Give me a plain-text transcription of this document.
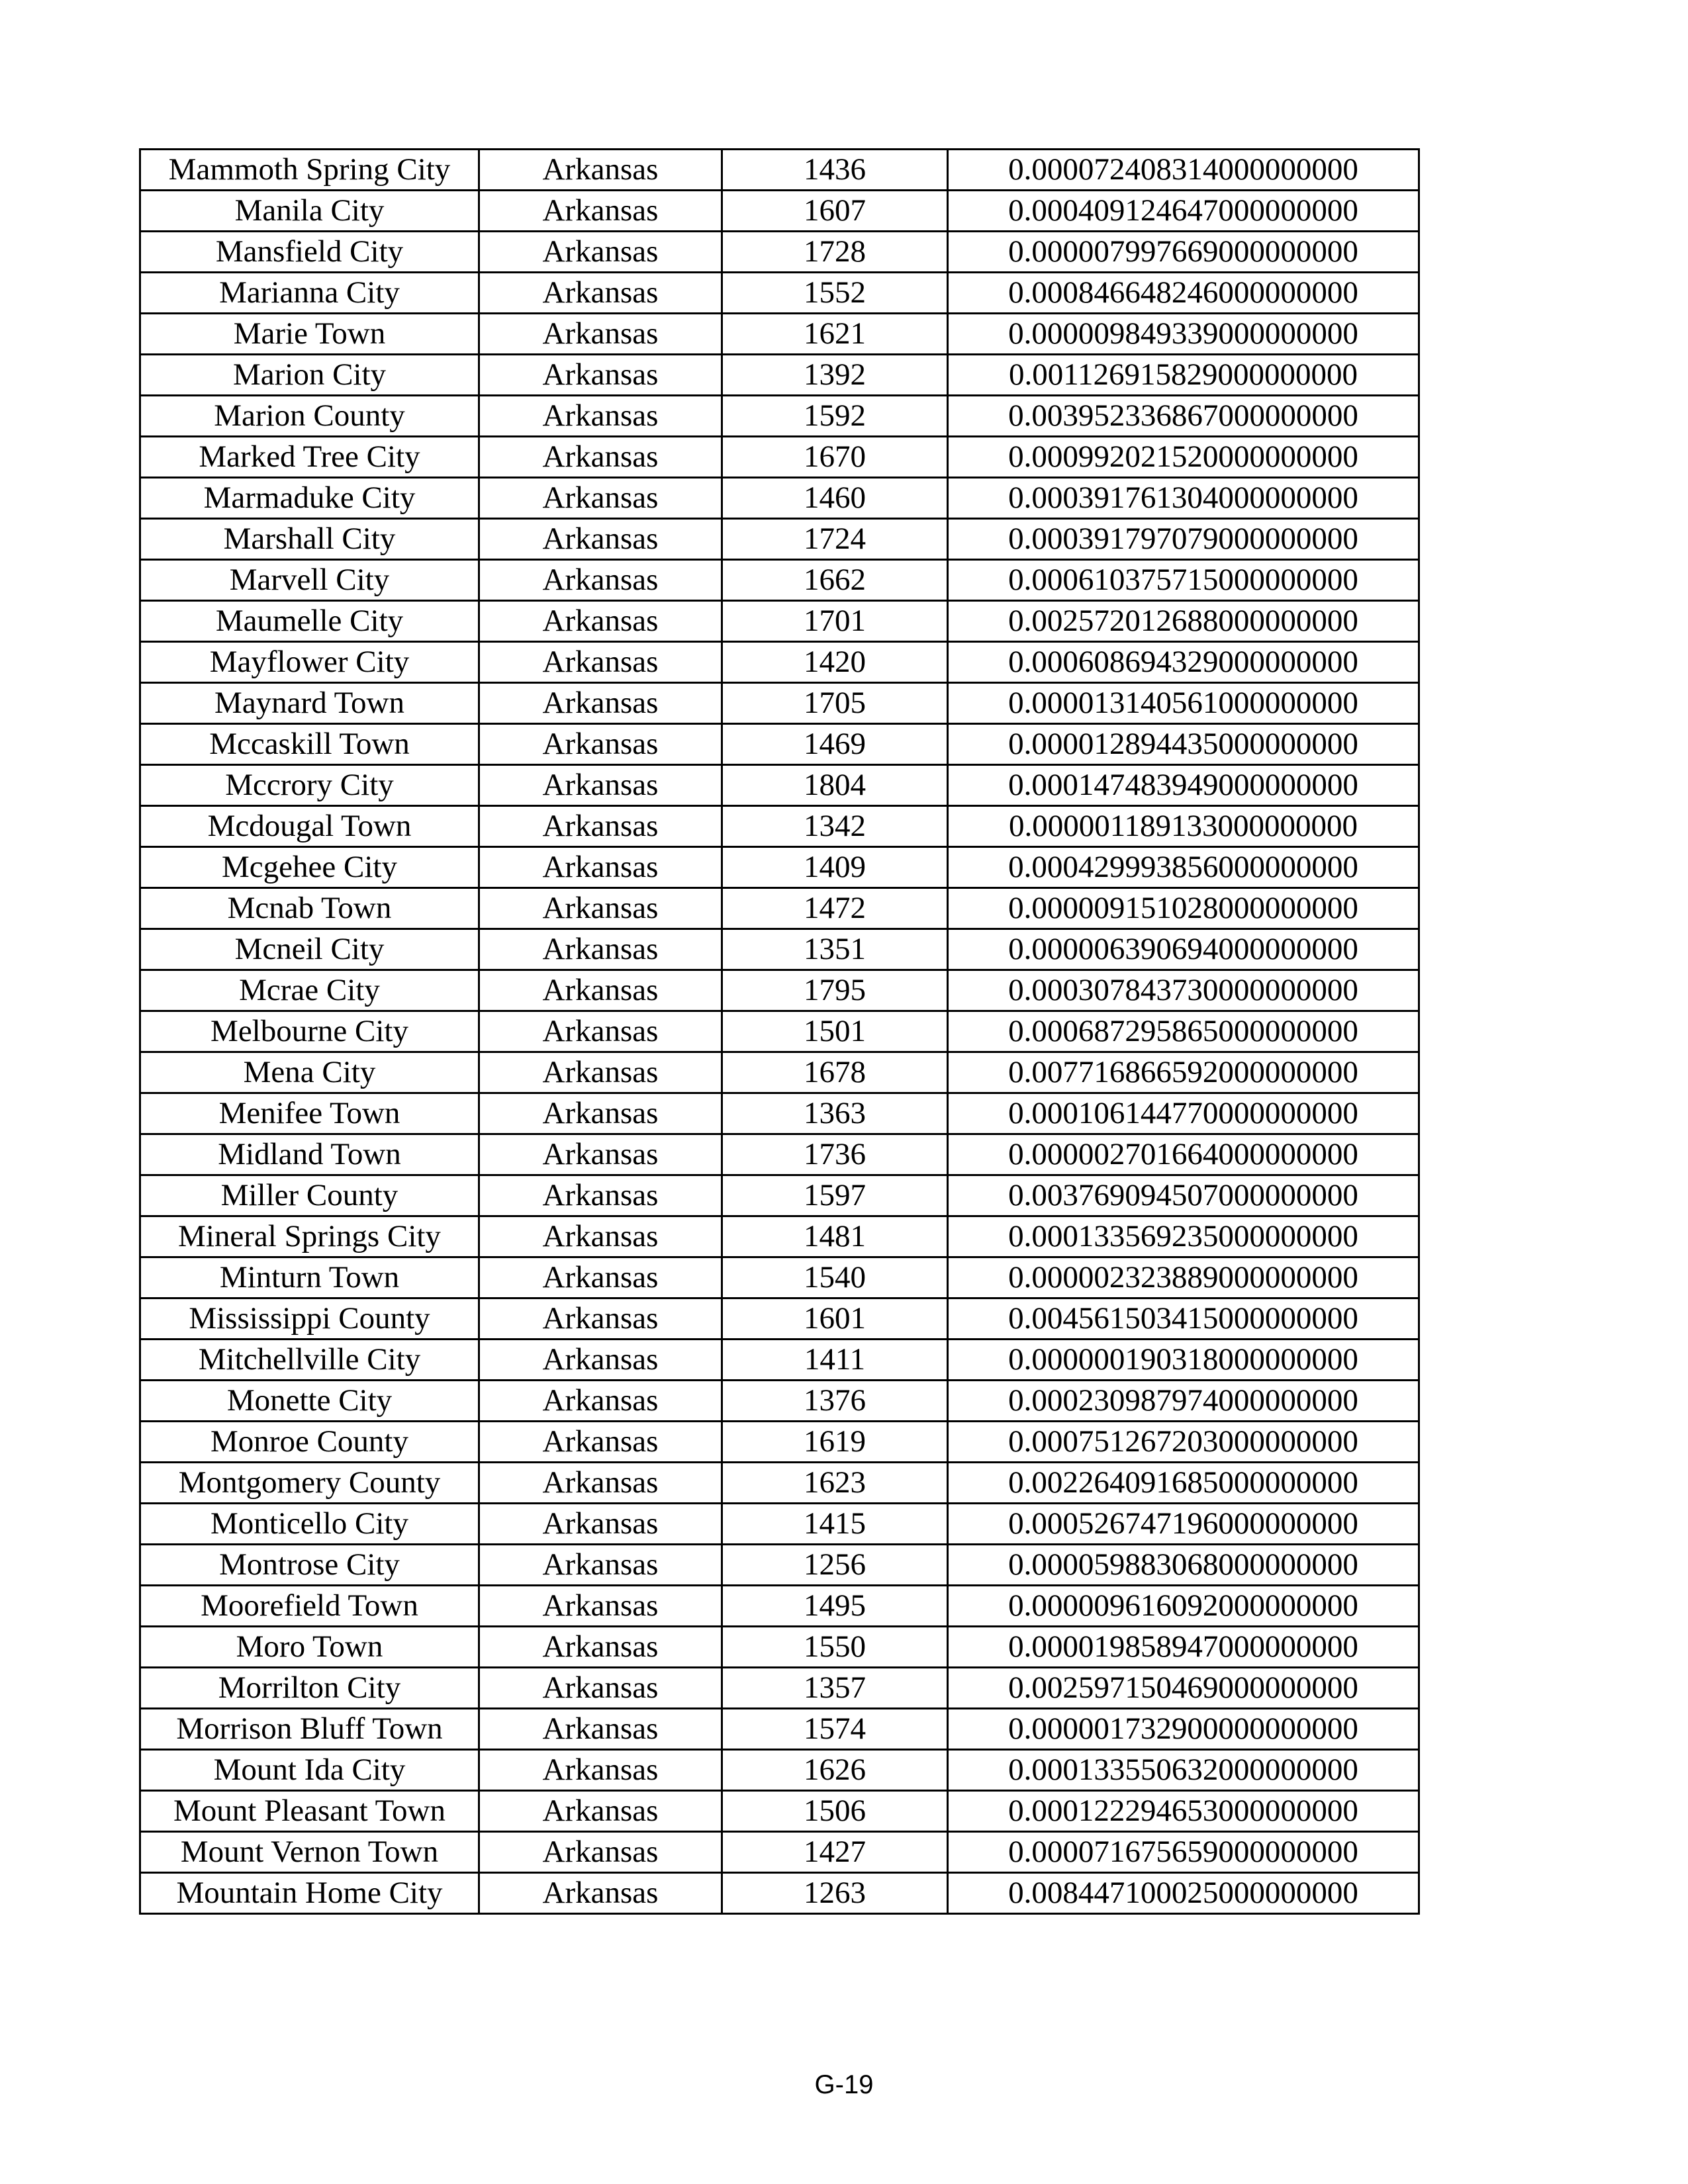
Mammoth Spring City	Arkansas	1436	0.000072408314000000000
Manila City	Arkansas	1607	0.000409124647000000000
Mansfield City	Arkansas	1728	0.000007997669000000000
Marianna City	Arkansas	1552	0.000846648246000000000
Marie Town	Arkansas	1621	0.000009849339000000000
Marion City	Arkansas	1392	0.001126915829000000000
Marion County	Arkansas	1592	0.003952336867000000000
Marked Tree City	Arkansas	1670	0.000992021520000000000
Marmaduke City	Arkansas	1460	0.000391761304000000000
Marshall City	Arkansas	1724	0.000391797079000000000
Marvell City	Arkansas	1662	0.000610375715000000000
Maumelle City	Arkansas	1701	0.002572012688000000000
Mayflower City	Arkansas	1420	0.000608694329000000000
Maynard Town	Arkansas	1705	0.000013140561000000000
Mccaskill Town	Arkansas	1469	0.000012894435000000000
Mccrory City	Arkansas	1804	0.000147483949000000000
Mcdougal Town	Arkansas	1342	0.000001189133000000000
Mcgehee City	Arkansas	1409	0.000429993856000000000
Mcnab Town	Arkansas	1472	0.000009151028000000000
Mcneil City	Arkansas	1351	0.000006390694000000000
Mcrae City	Arkansas	1795	0.000307843730000000000
Melbourne City	Arkansas	1501	0.000687295865000000000
Mena City	Arkansas	1678	0.007716866592000000000
Menifee Town	Arkansas	1363	0.000106144770000000000
Midland Town	Arkansas	1736	0.000002701664000000000
Miller County	Arkansas	1597	0.003769094507000000000
Mineral Springs City	Arkansas	1481	0.000133569235000000000
Minturn Town	Arkansas	1540	0.000002323889000000000
Mississippi County	Arkansas	1601	0.004561503415000000000
Mitchellville City	Arkansas	1411	0.000000190318000000000
Monette City	Arkansas	1376	0.000230987974000000000
Monroe County	Arkansas	1619	0.000751267203000000000
Montgomery County	Arkansas	1623	0.002264091685000000000
Monticello City	Arkansas	1415	0.000526747196000000000
Montrose City	Arkansas	1256	0.000059883068000000000
Moorefield Town	Arkansas	1495	0.000009616092000000000
Moro Town	Arkansas	1550	0.000019858947000000000
Morrilton City	Arkansas	1357	0.002597150469000000000
Morrison Bluff Town	Arkansas	1574	0.000001732900000000000
Mount Ida City	Arkansas	1626	0.000133550632000000000
Mount Pleasant Town	Arkansas	1506	0.000122294653000000000
Mount Vernon Town	Arkansas	1427	0.000071675659000000000
Mountain Home City	Arkansas	1263	0.008447100025000000000
G-19
